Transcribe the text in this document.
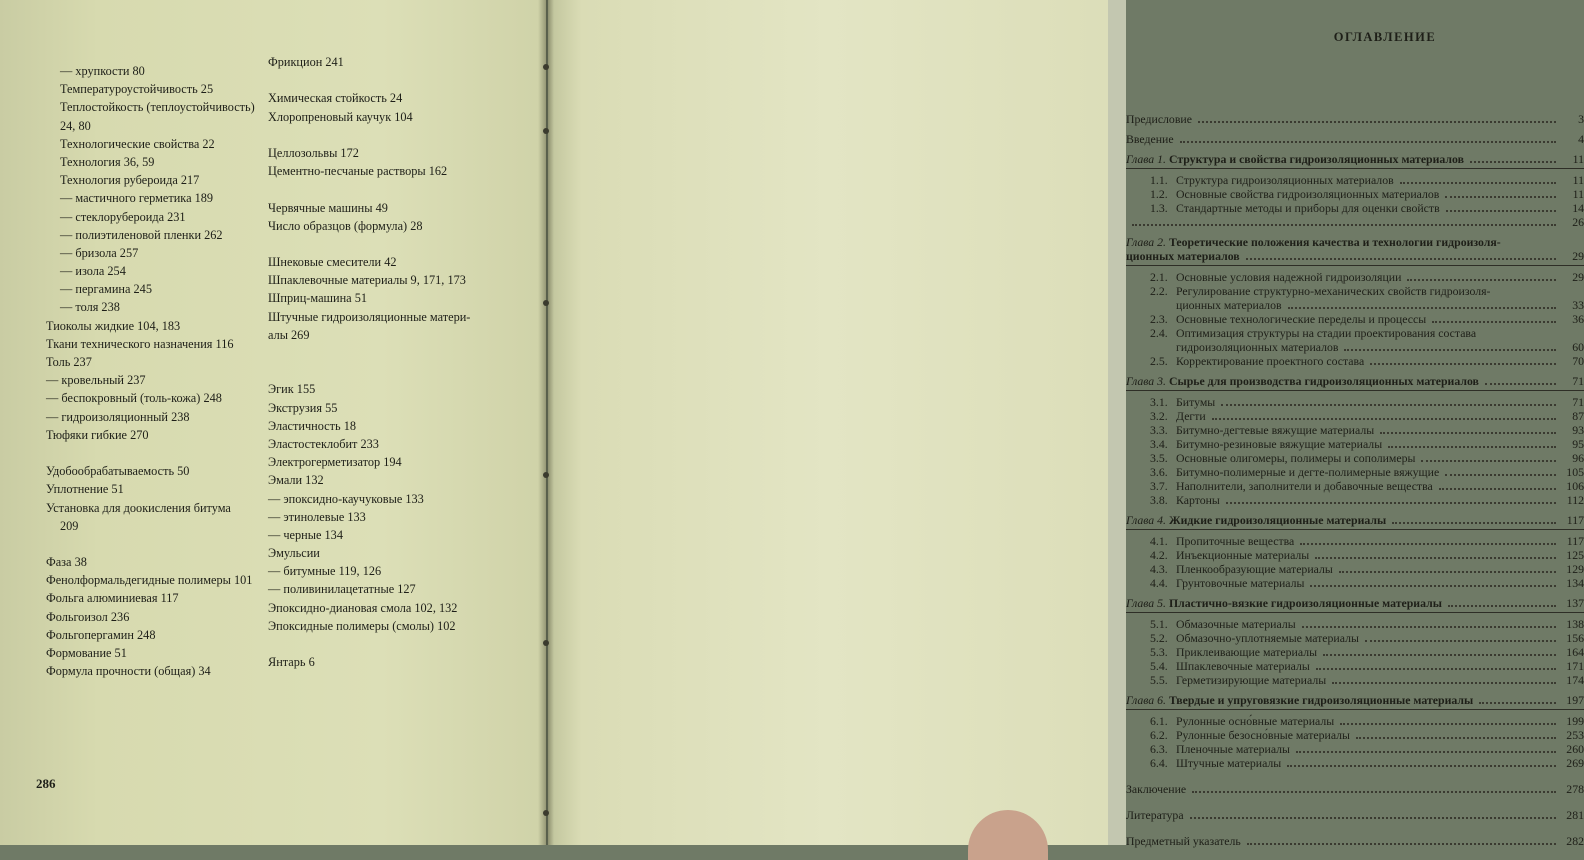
— хрупкости 80
Температуроустойчивость 25
Теплостойкость (теплоустойчивость)
24, 80
Технологические свойства 22
Технология 36, 59
Технология рубероида 217
— мастичного герметика 189
— стеклорубероида 231
— полиэтиленовой пленки 262
— бризола 257
— изола 254
— пергамина 245
— толя 238
Тиоколы жидкие 104, 183
Ткани технического назначения 116
Толь 237
— кровельный 237
— беспокровный (толь-кожа) 248
— гидроизоляционный 238
Тюфяки гибкие 270
Удобообрабатываемость 50
Уплотнение 51
Установка для доокисления битума
209
Фаза 38
Фенолформальдегидные полимеры 101
Фольга алюминиевая 117
Фольгоизол 236
Фольгопергамин 248
Формование 51
Формула прочности (общая) 34
Фрикцион 241
Химическая стойкость 24
Хлоропреновый каучук 104
Целлозольвы 172
Цементно-песчаные растворы 162
Червячные машины 49
Число образцов (формула) 28
Шнековые смесители 42
Шпаклевочные материалы 9, 171, 173
Шприц-машина 51
Штучные гидроизоляционные матери-
алы 269
Эгик 155
Экструзия 55
Эластичность 18
Эластостеклобит 233
Электрогерметизатор 194
Эмали 132
— эпоксидно-каучуковые 133
— этинолевые 133
— черные 134
Эмульсии
— битумные 119, 126
— поливинилацетатные 127
Эпоксидно-диановая смола 102, 132
Эпоксидные полимеры (смолы) 102
Янтарь 6
286
ОГЛАВЛЕНИЕ
Предисловие	3
Введение	4
Глава 1. Структура и свойства гидроизоляционных материалов	11
1.1. Структура гидроизоляционных материалов	11
1.2. Основные свойства гидроизоляционных материалов	11
1.3. Стандартные методы и приборы для оценки свойств	14
26
Глава 2. Теоретические положения качества и технологии гидроизоля-
ционных материалов	29
2.1. Основные условия надежной гидроизоляции	29
2.2. Регулирование структурно-механических свойств гидроизоля-
ционных материалов	33
2.3. Основные технологические переделы и процессы	36
2.4. Оптимизация структуры на стадии проектирования состава
гидроизоляционных материалов	60
2.5. Корректирование проектного состава	70
Глава 3. Сырье для производства гидроизоляционных материалов	71
3.1. Битумы	71
3.2. Дегти	87
3.3. Битумно-дегтевые вяжущие материалы	93
3.4. Битумно-резиновые вяжущие материалы	95
3.5. Основные олигомеры, полимеры и сополимеры	96
3.6. Битумно-полимерные и дегте-полимерные вяжущие	105
3.7. Наполнители, заполнители и добавочные вещества	106
3.8. Картоны	112
Глава 4. Жидкие гидроизоляционные материалы	117
4.1. Пропиточные вещества	117
4.2. Инъекционные материалы	125
4.3. Пленкообразующие материалы	129
4.4. Грунтовочные материалы	134
Глава 5. Пластично-вязкие гидроизоляционные материалы	137
5.1. Обмазочные материалы	138
5.2. Обмазочно-уплотняемые материалы	156
5.3. Приклеивающие материалы	164
5.4. Шпаклевочные материалы	171
5.5. Герметизирующие материалы	174
Глава 6. Твердые и упруговязкие гидроизоляционные материалы	197
6.1. Рулонные осно́вные материалы	199
6.2. Рулонные безосно́вные материалы	253
6.3. Пленочные материалы	260
6.4. Штучные материалы	269
Заключение	278
Литература	281
Предметный указатель	282
